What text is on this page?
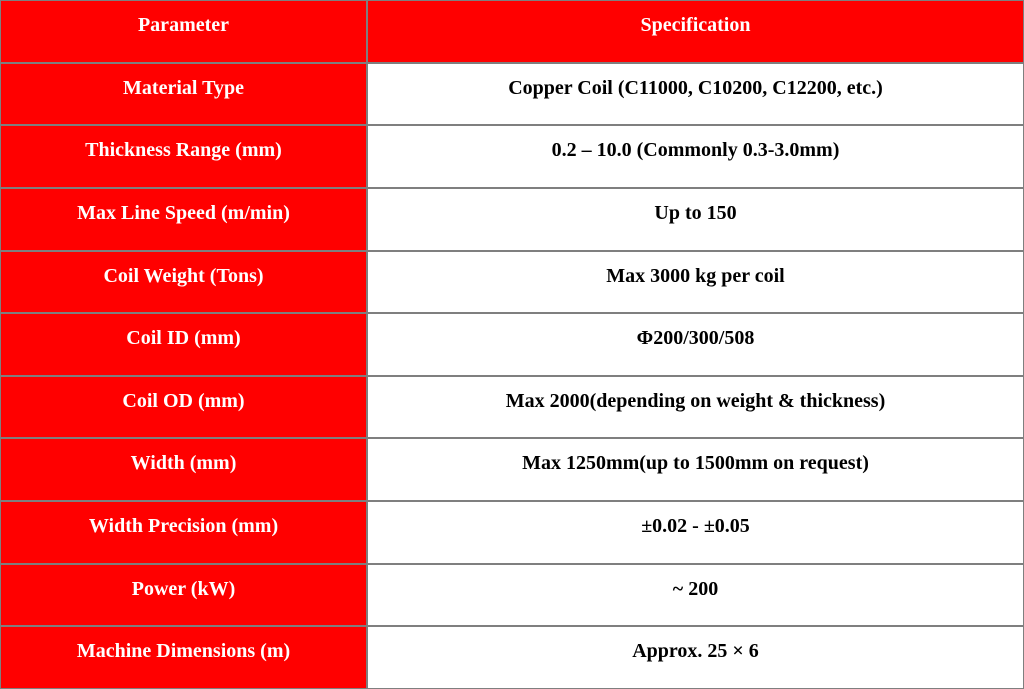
Parameter	Specification

Material Type	Copper Coil (C11000, C10200, C12200, etc.)

Thickness Range (mm)	0.2 – 10.0 (Commonly 0.3-3.0mm)

Max Line Speed (m/min)	Up to 150

Coil Weight (Tons)	Max 3000 kg per coil

Coil ID (mm)	Φ200/300/508

Coil OD (mm)	Max 2000(depending on weight & thickness)

Width (mm)	Max 1250mm(up to 1500mm on request)

Width Precision (mm)	±0.02 - ±0.05

Power (kW)	~ 200

Machine Dimensions (m)	Approx. 25 × 6
